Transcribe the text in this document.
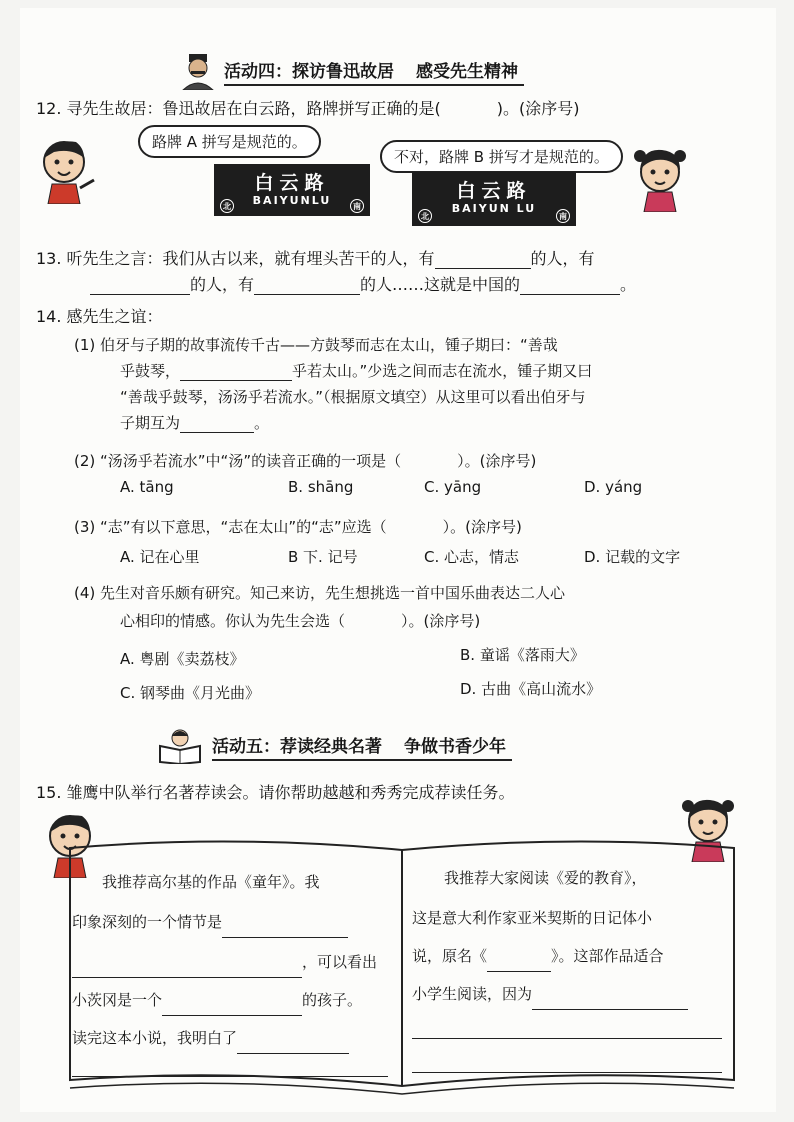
活动四：探访鲁迅故居 感受先生精神
12. 寻先生故居：鲁迅故居在白云路，路牌拼写正确的是(	)。(涂序号)
路牌 A 拼写是规范的。
不对，路牌 B 拼写才是规范的。
白云路
BAIYUNLU
北	南
白云路
BAIYUN LU
北	南
13. 听先生之言：我们从古以来，就有埋头苦干的人，有	的人，有
的人，有	的人……这就是中国的	。
14. 感先生之谊：
(1) 伯牙与子期的故事流传千古——方鼓琴而志在太山，锺子期曰：“善哉
乎鼓琴，	乎若太山。”少选之间而志在流水，锺子期又曰
“善哉乎鼓琴，汤汤乎若流水。”（根据原文填空）从这里可以看出伯牙与
子期互为	。
(2) “汤汤乎若流水”中“汤”的读音正确的一项是（	）。(涂序号)
A. tāng	B. shāng	C. yāng	D. yáng
(3) “志”有以下意思，“志在太山”的“志”应选（	）。(涂序号)
A. 记在心里	B 下. 记号	C. 心志，情志	D. 记载的文字
(4) 先生对音乐颇有研究。知己来访，先生想挑选一首中国乐曲表达二人心
心相印的情感。你认为先生会选（	）。(涂序号)
A. 粤剧《卖荔枝》	B. 童谣《落雨大》
C. 钢琴曲《月光曲》	D. 古曲《高山流水》
活动五：荐读经典名著 争做书香少年
15. 雏鹰中队举行名著荐读会。请你帮助越越和秀秀完成荐读任务。
我推荐高尔基的作品《童年》。我
印象深刻的一个情节是
，可以看出
小茨冈是一个	的孩子。
读完这本小说，我明白了
我推荐大家阅读《爱的教育》，
这是意大利作家亚米契斯的日记体小
说，原名《	》。这部作品适合
小学生阅读，因为
